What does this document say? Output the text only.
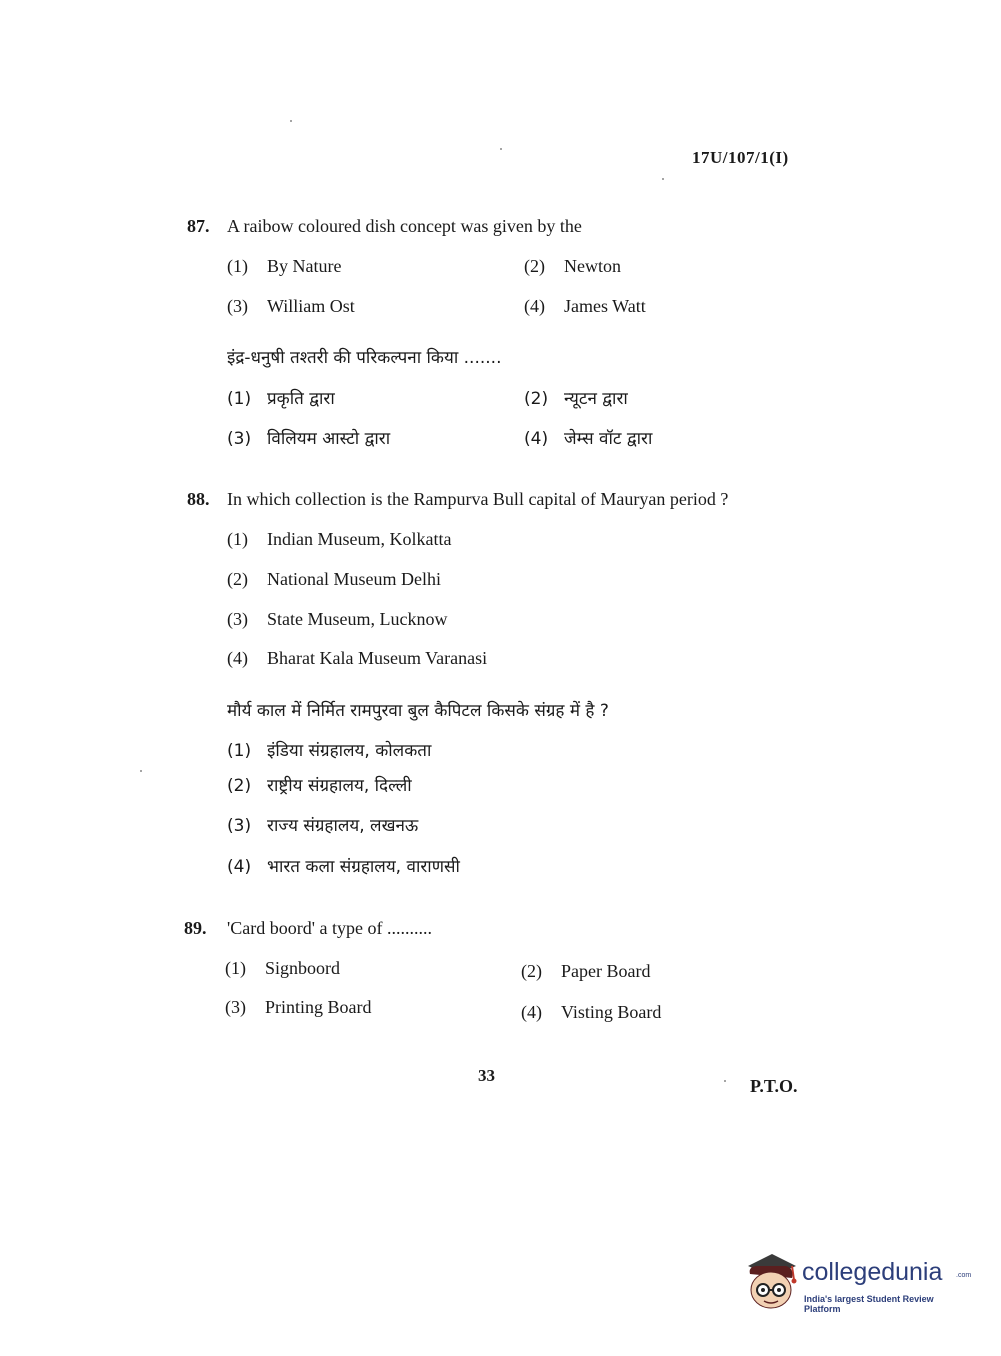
17U/107/1(I)
87. A raibow coloured dish concept was given by the
(1) By Nature	(2) Newton
(3) William Ost	(4) James Watt
इंद्र-धनुषी तश्तरी की परिकल्पना किया .......
(1) प्रकृति द्वारा	(2) न्यूटन द्वारा
(3) विलियम आस्टो द्वारा	(4) जेम्स वॉट द्वारा
88. In which collection is the Rampurva Bull capital of Mauryan period ?
(1) Indian Museum, Kolkatta
(2) National Museum Delhi
(3) State Museum, Lucknow
(4) Bharat Kala Museum Varanasi
मौर्य काल में निर्मित रामपुरवा बुल कैपिटल किसके संग्रह में है ?
(1) इंडिया संग्रहालय, कोलकता
(2) राष्ट्रीय संग्रहालय, दिल्ली
(3) राज्य संग्रहालय, लखनऊ
(4) भारत कला संग्रहालय, वाराणसी
89. 'Card boord' a type of ..........
(1) Signboord	(2) Paper Board
(3) Printing Board	(4) Visting Board
33
P.T.O.
collegedunia .com
India's largest Student Review Platform
